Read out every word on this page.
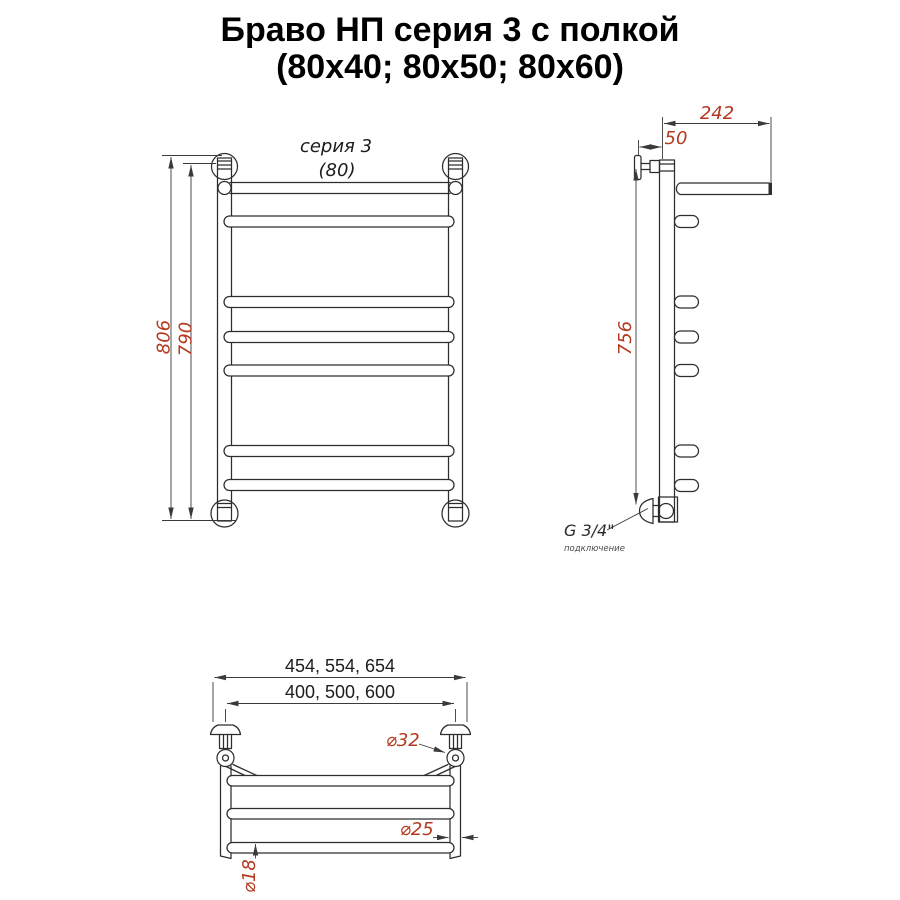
Браво НП серия 3 с полкой
(80x40; 80x50; 80x60)
серия 3
(80)
806 790
242
50
756
G 3/4"
подключение
454, 554, 654
400, 500, 600
⌀32
⌀25
⌀18
